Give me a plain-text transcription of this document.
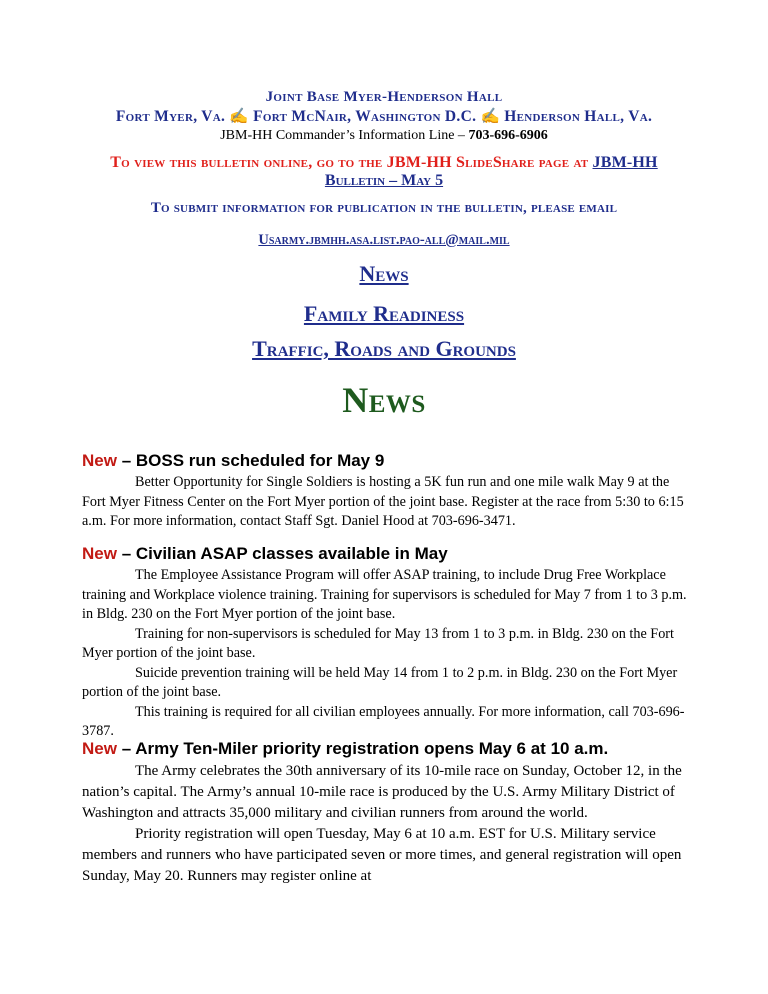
Joint Base Myer-Henderson Hall
Fort Myer, Va. ✍ Fort McNair, Washington D.C. ✍ Henderson Hall, Va.
JBM-HH Commander’s Information Line – 703-696-6906
To view this bulletin online, go to the JBM-HH SlideShare page at JBM-HH
Bulletin – May 5
To submit information for publication in the bulletin, please email
Usarmy.jbmhh.asa.list.pao-all@mail.mil
News
Family Readiness
Traffic, Roads and Grounds
News
New – BOSS run scheduled for May 9

Better Opportunity for Single Soldiers is hosting a 5K fun run and one mile walk May 9 at the Fort Myer Fitness Center on the Fort Myer portion of the joint base. Register at the race from 5:30 to 6:15 a.m. For more information, contact Staff Sgt. Daniel Hood at 703-696-3471.

New – Civilian ASAP classes available in May

The Employee Assistance Program will offer ASAP training, to include Drug Free Workplace training and Workplace violence training. Training for supervisors is scheduled for May 7 from 1 to 3 p.m. in Bldg. 230 on the Fort Myer portion of the joint base.

Training for non-supervisors is scheduled for May 13 from 1 to 3 p.m. in Bldg. 230 on the Fort Myer portion of the joint base.

Suicide prevention training will be held May 14 from 1 to 2 p.m. in Bldg. 230 on the Fort Myer portion of the joint base.

This training is required for all civilian employees annually. For more information, call 703-696-3787.

New – Army Ten-Miler priority registration opens May 6 at 10 a.m.

The Army celebrates the 30th anniversary of its 10-mile race on Sunday, October 12, in the nation’s capital. The Army’s annual 10-mile race is produced by the U.S. Army Military District of Washington and attracts 35,000 military and civilian runners from around the world.

Priority registration will open Tuesday, May 6 at 10 a.m. EST for U.S. Military service members and runners who have participated seven or more times, and general registration will open Sunday, May 20. Runners may register online at
